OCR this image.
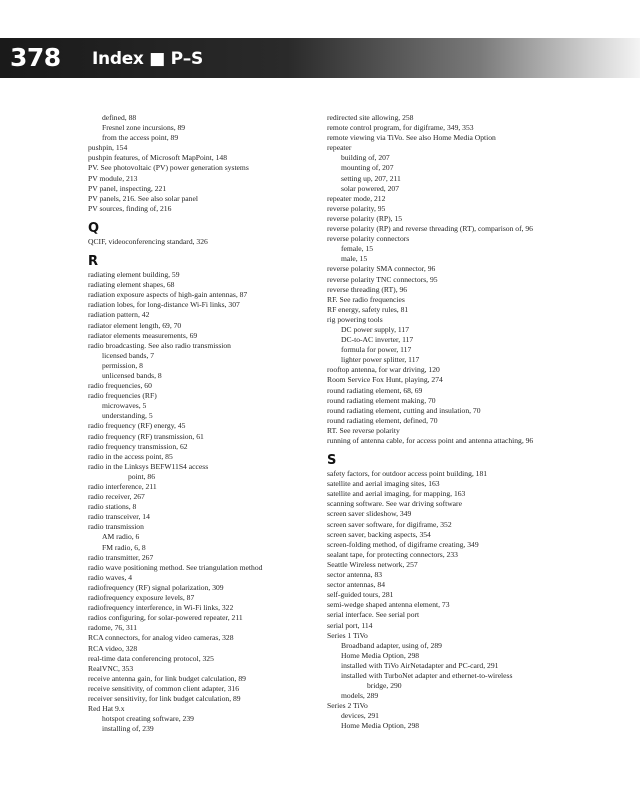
378 Index ■ P–S
defined, 88
Fresnel zone incursions, 89
from the access point, 89
pushpin, 154
pushpin features, of Microsoft MapPoint, 148
PV. See photovoltaic (PV) power generation systems
PV module, 213
PV panel, inspecting, 221
PV panels, 216. See also solar panel
PV sources, finding of, 216
Q
QCIF, videoconferencing standard, 326
R
radiating element building, 59
radiating element shapes, 68
radiation exposure aspects of high-gain antennas, 87
radiation lobes, for long-distance Wi-Fi links, 307
radiation pattern, 42
radiator element length, 69, 70
radiator elements measurements, 69
radio broadcasting. See also radio transmission
licensed bands, 7
permission, 8
unlicensed bands, 8
radio frequencies, 60
radio frequencies (RF)
microwaves, 5
understanding, 5
radio frequency (RF) energy, 45
radio frequency (RF) transmission, 61
radio frequency transmission, 62
radio in the access point, 85
radio in the Linksys BEFW11S4 access
point, 86
radio interference, 211
radio receiver, 267
radio stations, 8
radio transceiver, 14
radio transmission
AM radio, 6
FM radio, 6, 8
radio transmitter, 267
radio wave positioning method. See triangulation method
radio waves, 4
radiofrequency (RF) signal polarization, 309
radiofrequency exposure levels, 87
radiofrequency interference, in Wi-Fi links, 322
radios configuring, for solar-powered repeater, 211
radome, 76, 311
RCA connectors, for analog video cameras, 328
RCA video, 328
real-time data conferencing protocol, 325
RealVNC, 353
receive antenna gain, for link budget calculation, 89
receive sensitivity, of common client adapter, 316
receiver sensitivity, for link budget calculation, 89
Red Hat 9.x
hotspot creating software, 239
installing of, 239
redirected site allowing, 258
remote control program, for digiframe, 349, 353
remote viewing via TiVo. See also Home Media Option
repeater
building of, 207
mounting of, 207
setting up, 207, 211
solar powered, 207
repeater mode, 212
reverse polarity, 95
reverse polarity (RP), 15
reverse polarity (RP) and reverse threading (RT), comparison of, 96
reverse polarity connectors
female, 15
male, 15
reverse polarity SMA connector, 96
reverse polarity TNC connectors, 95
reverse threading (RT), 96
RF. See radio frequencies
RF energy, safety rules, 81
rig powering tools
DC power supply, 117
DC-to-AC inverter, 117
formula for power, 117
lighter power splitter, 117
rooftop antenna, for war driving, 120
Room Service Fox Hunt, playing, 274
round radiating element, 68, 69
round radiating element making, 70
round radiating element, cutting and insulation, 70
round radiating element, defined, 70
RT. See reverse polarity
running of antenna cable, for access point and antenna attaching, 96
S
safety factors, for outdoor access point building, 181
satellite and aerial imaging sites, 163
satellite and aerial imaging, for mapping, 163
scanning software. See war driving software
screen saver slideshow, 349
screen saver software, for digiframe, 352
screen saver, backing aspects, 354
screen-folding method, of digiframe creating, 349
sealant tape, for protecting connectors, 233
Seattle Wireless network, 257
sector antenna, 83
sector antennas, 84
self-guided tours, 281
semi-wedge shaped antenna element, 73
serial interface. See serial port
serial port, 114
Series 1 TiVo
Broadband adapter, using of, 289
Home Media Option, 298
installed with TiVo AirNetadapter and PC-card, 291
installed with TurboNet adapter and ethernet-to-wireless
bridge, 290
models, 289
Series 2 TiVo
devices, 291
Home Media Option, 298
